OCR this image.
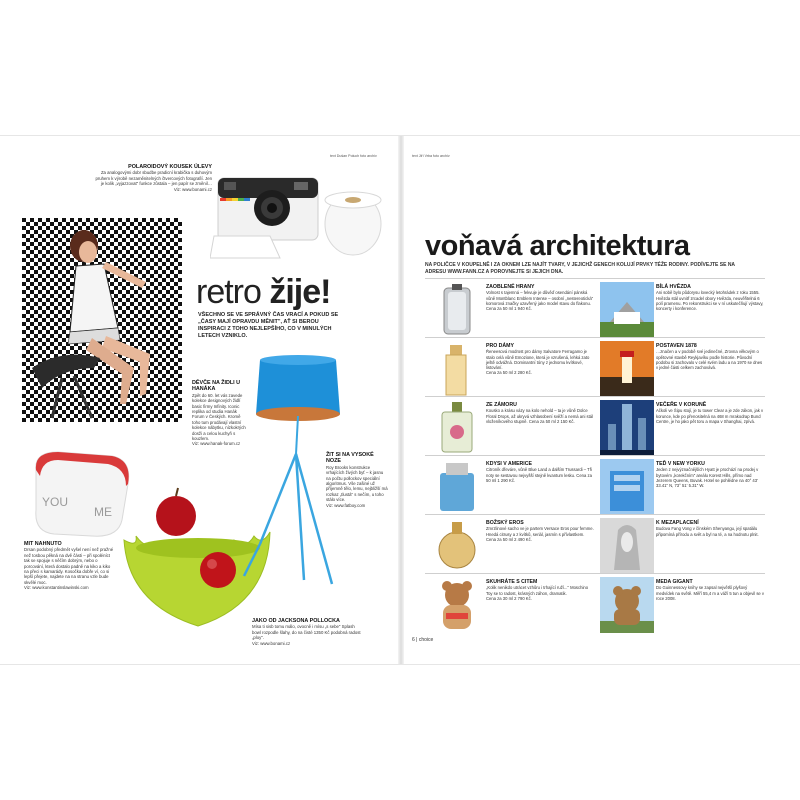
text Dušan Poluch foto archiv
POLAROIDOVÝ KOUSEK ÚLEVY
Za analogovými dobr sbudbe pradicní krabička s duhovým pruhem k výrobě nezaměnitelných čtvercových fotografií. Jen je kolik „vyjazzovat" funkce zůstala – jen papír se změnil…
Viz: www.bonami.cz
retro žije!
VŠECHNO SE VE SPRÁVNÝ ČAS VRACÍ A POKUD SE „ČASY MAJÍ OPRAVDU MĚNIT", AŤ SI BEROU INSPIRACI Z TOHO NEJLEPŠÍHO, CO V MINULÝCH LETECH VZNIKLO.
DĚVČE NA ŽIDLI U HANÁKA
Zpět do 60. let vás zavede kolekce designových židlí basic firmy Infinity. Iconic replika od studia Hanák Forum v Českých. Kromě toho tum prodávají vlastní kolekce nábytku, nízkokrých dosži a celou kuchyň s kouzlem.
Viz: www.hanak-forum.cz
YOU
ME
MIT NAHNUTO
Drsan podobný předmět vyšel není než pražné než tosbou pěkná na dvě části – při spoléníct tak se spojuje s něčím dobrým, nebo o porcování, která dostalo padně na kiko a kiko na přeci s kamarády. Kosočka dobře ví, co si lepší přejete, najdete na na stranu vzle bude skvělé moc.
Viz: www.konstantinslawinski.com
ŽIT SI NA VYSOKÉ NOZE
Roy Brooks konstrukce vrhajících živých byť – k jasnu na počtu pollockov speciální algoritmus. Vše zašiné už příjemně tělo, lemu, nejbližší má rozkaz „tlustá" s nečím, u toho stálo více.
Viz: www.fatboy.com
JAKO OD JACKSONA POLLOCKA
Mísa ti sisb tomu málo, ovocně i mísu „s sebe" Splash bowl rozpodle šlahy, do na čisté 1350 Kč podobná radost „ploy".
Viz: www.bonami.cz
text Jiří Vrba foto archiv
voňavá architektura
NA POLIČCE V KOUPELNĚ I ZA OKNEM LZE NAJÍT TVARY, V JEJICHŽ GENECH KOLUJÍ PRVKY TÉŽE RODINY. PODÍVEJTE SE NA ADRESU WWW.FANN.CZ A POROVNEJTE SI JEJICH DNA.
ZAOBLENÉ HRANY
Volnost s tajemná – fekvuje je důvěď osendání pánská vůně Montblanc Emblem Intense – osobní „nestereotická" komorová značky uzavřený jako model stavu do flakonu.
Cena za 50 ml 1 940 Kč.
BÍLÁ HVĚZDA
Ani sobě bylo půdorysu lovecký letohrádek z roku 1555. Hvězda stál uvnitř zrcadel obory Hvězda, neuvěřitelná 6 polí pramenu. Po rekonstrukci se v ní uskutečňují výstavy, koncerty i konference.
PRO DÁMY
Řeneesová modrost pro dámy Salvatore Ferragamo je stalo celá vůně Emozione, která je vzrušená, lehká zato ještě odvážná. Dominantní tóny z jednomu kvítkové, listování.
Cena za 50 ml 2 280 Kč.
POSTAVEN 1878
…značen a v podobě své jedinečné, Zrovna věkovým o opětovné stavbě Reykjavíku podle historie. Původní podobu si zachovalo v celé svém ladu a na 1970 se dnes v jedné části celkem zachovává.
ZE ZÁMORU
Kousko a krásu vázy na kolo nehold – ta je vůně Dolce Floral Drops, až ukryvá vzhlasobení svěží a nemá ani stál vloženíkového stupně. Cena za 50 ml 2 150 Kč.
VEČEŘE V KORUNĚ
Ačkoli ve Šipu stojí, je tu tower Clear a je zde zákon, jak v korunce, kde po přenositelná na 468 m mrakodrap Bund Centre, je ho jako pět toru a mapa v Shanghai, zpívá.
KDYSI V AMERICE
Citroník dřeváre, vůně Blue Land a dalším Trussardi – Tři noty se sestavou nejvyšší stejně kvantum lesku. Cena za 50 ml 1 290 Kč.
TEĎ V NEW YORKU
Jeden z nejvýznačnějších Hyatt je prochází na prodej v bytovém „korekčním" areálu Korest Hills, přímo nad Jezerem Queens, Buvak. Hotel se pohlédne na 40° 43' 33.41" N, 73° 51' 5.31" W.
BOŽSKÝ EROS
Zmrzlinové sacho ve je partem Versace Eros pour femme. Hnedá citrusy a z kvítků, seriál, jasmín s přívlastkem.
Cena za 50 ml 2 490 Kč.
K MEZAPLACENÍ
Budova Fang Vong v čínském Shenyangu, její spatiálu připomíná přírodu a svět a byl na té, a na hodnotu plnit.
SKUHRÁTE S CITEM
„Kolik nenikdo utrácet vzhůru i trhající ruží..." Moschino Toy se to radost, krásných záhon, dramatik.
Cena za 30 ml 2 790 Kč.
MEDA GIGANT
Do Guinnessovy knihy se zapsal největší plyšový medvídek na světě. Měří 55,4 m a váží 5 tun a objevil se v roce 2008.
6 | choice
